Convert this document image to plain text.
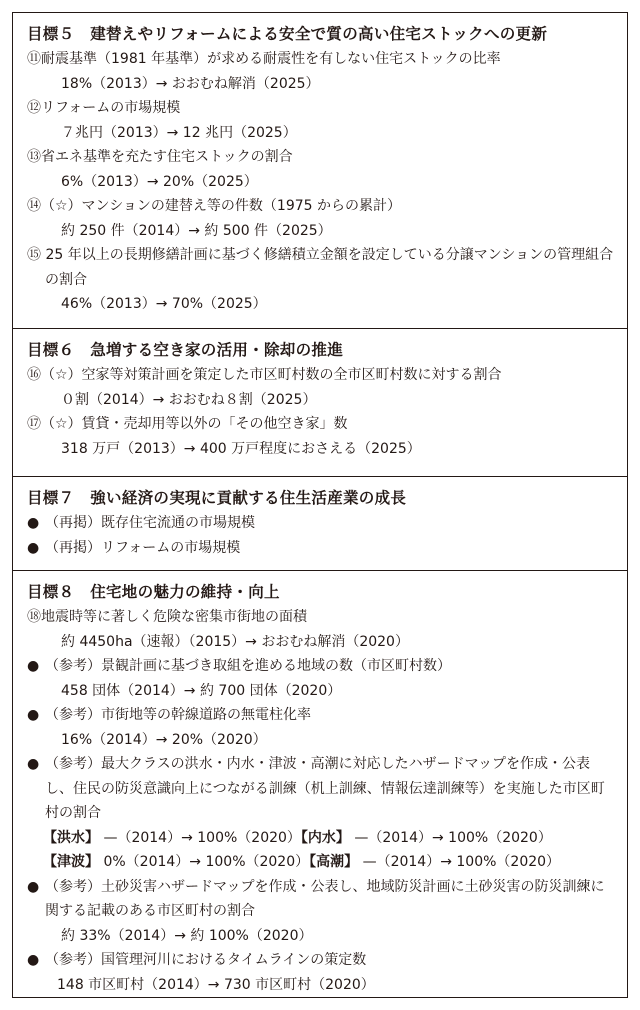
目標５　建替えやリフォームによる安全で質の高い住宅ストックへの更新
⑪耐震基準（1981 年基準）が求める耐震性を有しない住宅ストックの比率
18%（2013）→ おおむね解消（2025）
⑫リフォームの市場規模
７兆円（2013）→ 12 兆円（2025）
⑬省エネ基準を充たす住宅ストックの割合
6%（2013）→ 20%（2025）
⑭（☆）マンションの建替え等の件数（1975 からの累計）
約 250 件（2014）→ 約 500 件（2025）
⑮ 25 年以上の長期修繕計画に基づく修繕積立金額を設定している分譲マンションの管理組合の割合
46%（2013）→ 70%（2025）
目標６　急増する空き家の活用・除却の推進
⑯（☆）空家等対策計画を策定した市区町村数の全市区町村数に対する割合
０割（2014）→ おおむね８割（2025）
⑰（☆）賃貸・売却用等以外の「その他空き家」数
318 万戸（2013）→ 400 万戸程度におさえる（2025）
目標７　強い経済の実現に貢献する住生活産業の成長
● （再掲）既存住宅流通の市場規模
● （再掲）リフォームの市場規模
目標８　住宅地の魅力の維持・向上
⑱地震時等に著しく危険な密集市街地の面積
約 4450ha（速報）（2015）→ おおむね解消（2020）
● （参考）景観計画に基づき取組を進める地域の数（市区町村数）
458 団体（2014）→ 約 700 団体（2020）
● （参考）市街地等の幹線道路の無電柱化率
16%（2014）→ 20%（2020）
● （参考）最大クラスの洪水・内水・津波・高潮に対応したハザードマップを作成・公表し、住民の防災意識向上につながる訓練（机上訓練、情報伝達訓練等）を実施した市区町村の割合
【洪水】 —（2014）→ 100%（2020）【内水】 —（2014）→ 100%（2020）
【津波】 0%（2014）→ 100%（2020）【高潮】 —（2014）→ 100%（2020）
● （参考）土砂災害ハザードマップを作成・公表し、地域防災計画に土砂災害の防災訓練に関する記載のある市区町村の割合
約 33%（2014）→ 約 100%（2020）
● （参考）国管理河川におけるタイムラインの策定数
148 市区町村（2014）→ 730 市区町村（2020）
